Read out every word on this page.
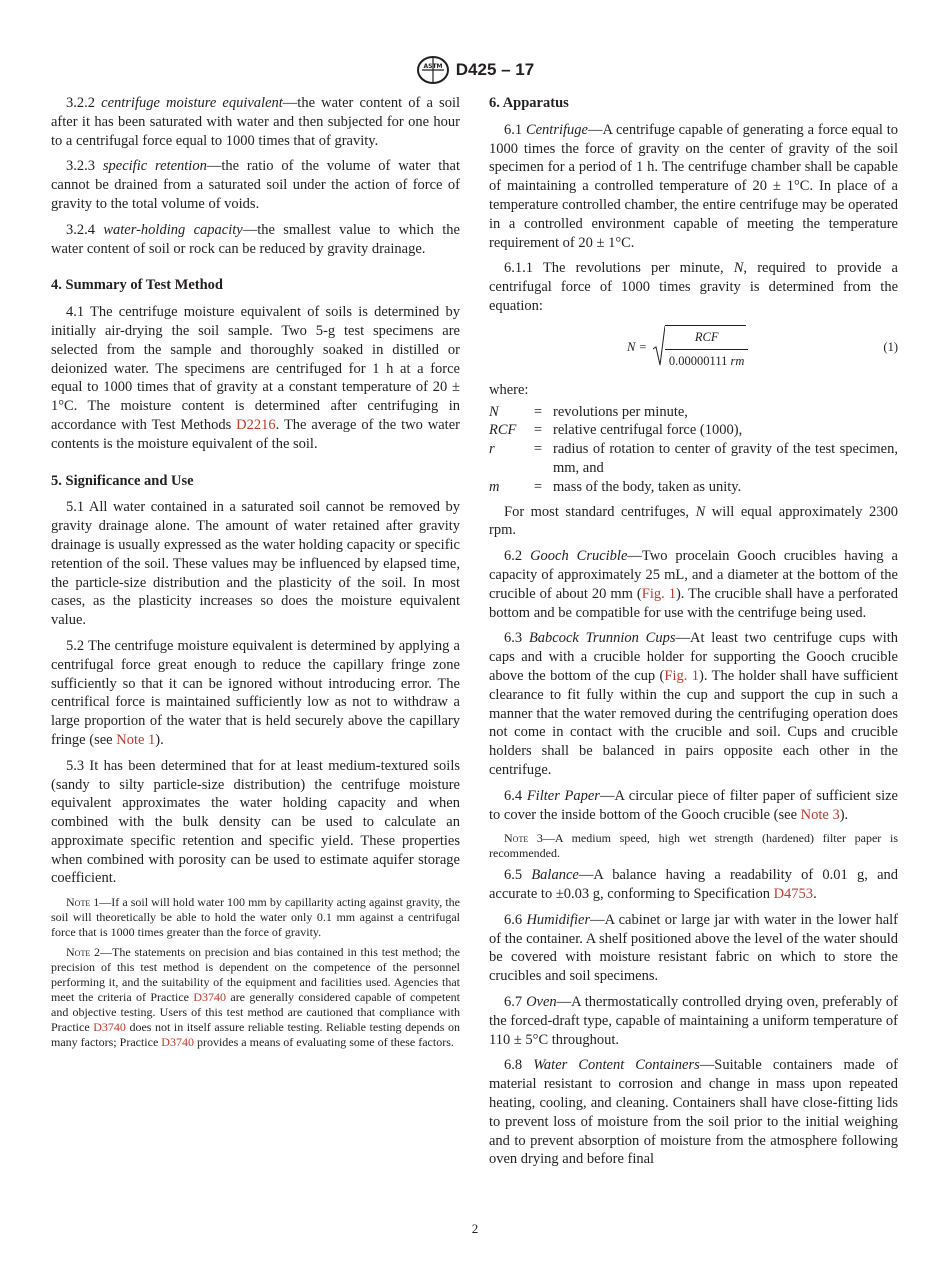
ASTM D425 – 17

3.2.2 centrifuge moisture equivalent—the water content of a soil after it has been saturated with water and then subjected for one hour to a centrifugal force equal to 1000 times that of gravity.

3.2.3 specific retention—the ratio of the volume of water that cannot be drained from a saturated soil under the action of force of gravity to the total volume of voids.

3.2.4 water-holding capacity—the smallest value to which the water content of soil or rock can be reduced by gravity drainage.

4. Summary of Test Method

4.1 The centrifuge moisture equivalent of soils is determined by initially air-drying the soil sample. Two 5-g test specimens are selected from the sample and thoroughly soaked in distilled or deionized water. The specimens are centrifuged for 1 h at a force equal to 1000 times that of gravity at a constant temperature of 20 ± 1°C. The moisture content is determined after centrifuging in accordance with Test Methods D2216. The average of the two water contents is the moisture equivalent of the soil.

5. Significance and Use

5.1 All water contained in a saturated soil cannot be removed by gravity drainage alone. The amount of water retained after gravity drainage is usually expressed as the water holding capacity or specific retention of the soil. These values may be influenced by elapsed time, the particle-size distribution and the plasticity of the soil. In most cases, as the plasticity increases so does the moisture equivalent value.

5.2 The centrifuge moisture equivalent is determined by applying a centrifugal force great enough to reduce the capillary fringe zone sufficiently so that it can be ignored without introducing error. The centrifical force is maintained sufficiently low as not to withdraw a large proportion of the water that is held securely above the capillary fringe (see Note 1).

5.3 It has been determined that for at least medium-textured soils (sandy to silty particle-size distribution) the centrifuge moisture equivalent approximates the water holding capacity and when combined with the bulk density can be used to calculate an approximate specific retention and specific yield. These properties when combined with porosity can be used to estimate aquifer storage coefficient.

Note 1—If a soil will hold water 100 mm by capillarity acting against gravity, the soil will theoretically be able to hold the water only 0.1 mm against a centrifugal force that is 1000 times greater than the force of gravity.
Note 2—The statements on precision and bias contained in this test method; the precision of this test method is dependent on the competence of the personnel performing it, and the suitability of the equipment and facilities used. Agencies that meet the criteria of Practice D3740 are generally considered capable of competent and objective testing. Users of this test method are cautioned that compliance with Practice D3740 does not in itself assure reliable testing. Reliable testing depends on many factors; Practice D3740 provides a means of evaluating some of these factors.
6. Apparatus

6.1 Centrifuge—A centrifuge capable of generating a force equal to 1000 times the force of gravity on the center of gravity of the soil specimen for a period of 1 h. The centrifuge chamber shall be capable of maintaining a controlled temperature of 20 ± 1°C. In place of a temperature controlled chamber, the entire centrifuge may be operated in a controlled environment capable of meeting the temperature requirement of 20 ± 1°C.

6.1.1 The revolutions per minute, N, required to provide a centrifugal force of 1000 times gravity is determined from the equation:

$N = \frac{\text{RCF}}{0.00000111 rm}$	(1)
where:
N	=	revolutions per minute,
RCF	=	relative centrifugal force (1000),
r	=	radius of rotation to center of gravity of the test specimen, mm, and
m	=	mass of the body, taken as unity.

For most standard centrifuges, N will equal approximately 2300 rpm.

6.2 Gooch Crucible—Two procelain Gooch crucibles having a capacity of approximately 25 mL, and a diameter at the bottom of the crucible of about 20 mm (Fig. 1). The crucible shall have a perforated bottom and be compatible for use with the centrifuge being used.

6.3 Babcock Trunnion Cups—At least two centrifuge cups with caps and with a crucible holder for supporting the Gooch crucible above the bottom of the cup (Fig. 1). The holder shall have sufficient clearance to fit fully within the cup and support the cup in such a manner that the water removed during the centrifuging operation does not come in contact with the crucible and soil. Cups and crucible holders shall be balanced in pairs opposite each other in the centrifuge.

6.4 Filter Paper—A circular piece of filter paper of sufficient size to cover the inside bottom of the Gooch crucible (see Note 3).

Note 3—A medium speed, high wet strength (hardened) filter paper is recommended.

6.5 Balance—A balance having a readability of 0.01 g, and accurate to ±0.03 g, conforming to Specification D4753.

6.6 Humidifier—A cabinet or large jar with water in the lower half of the container. A shelf positioned above the level of the water should be covered with moisture resistant fabric on which to store the crucibles and soil specimens.

6.7 Oven—A thermostatically controlled drying oven, preferably of the forced-draft type, capable of maintaining a uniform temperature of 110 ± 5°C throughout.

6.8 Water Content Containers—Suitable containers made of material resistant to corrosion and change in mass upon repeated heating, cooling, and cleaning. Containers shall have close-fitting lids to prevent loss of moisture from the soil prior to the initial weighing and to prevent absorption of moisture from the atmosphere following oven drying and before final

2
